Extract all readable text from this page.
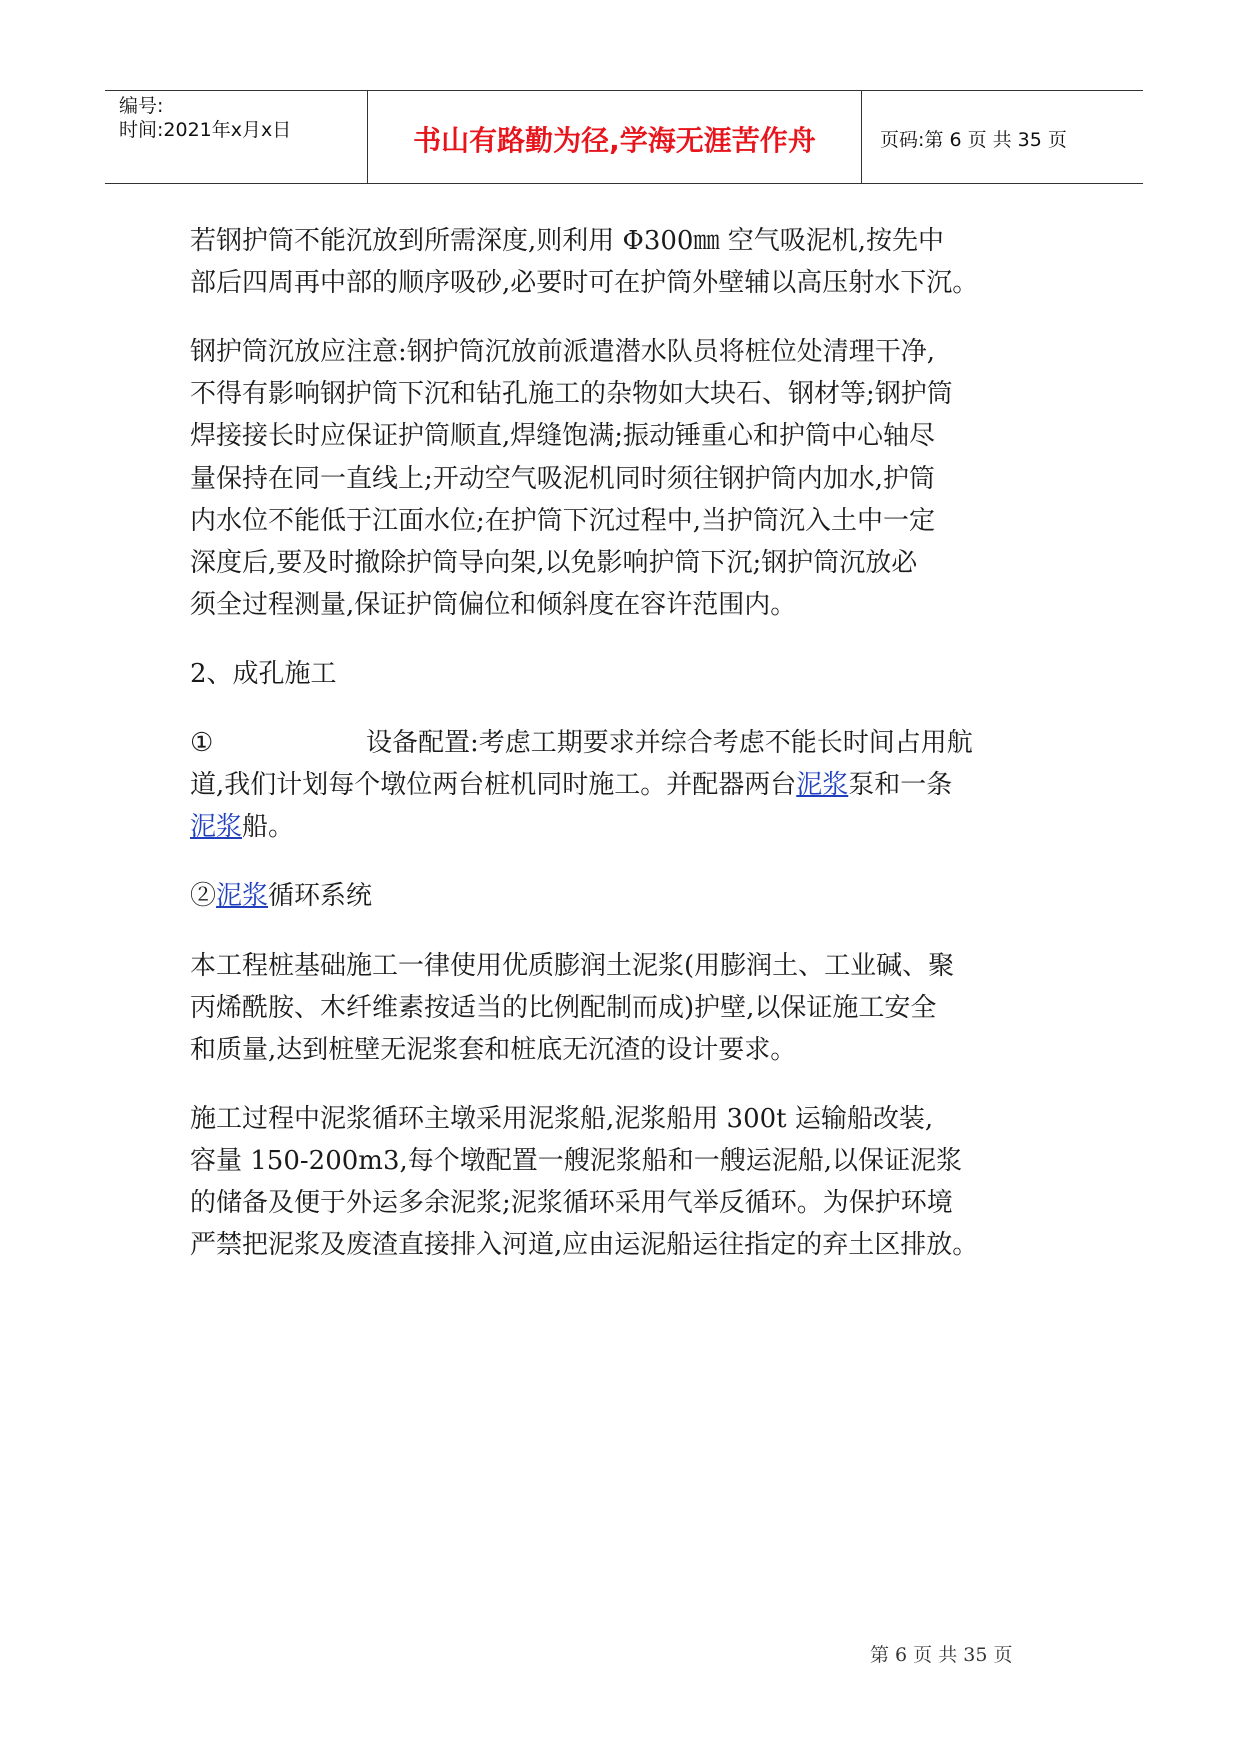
编号:
时间:2021年x月x日	书山有路勤为径,学海无涯苦作舟	页码:第 6 页 共 35 页

若钢护筒不能沉放到所需深度,则利用 Φ300㎜ 空气吸泥机,按先中
部后四周再中部的顺序吸砂,必要时可在护筒外壁辅以高压射水下沉。

钢护筒沉放应注意:钢护筒沉放前派遣潜水队员将桩位处清理干净,
不得有影响钢护筒下沉和钻孔施工的杂物如大块石、钢材等;钢护筒
焊接接长时应保证护筒顺直,焊缝饱满;振动锤重心和护筒中心轴尽
量保持在同一直线上;开动空气吸泥机同时须往钢护筒内加水,护筒
内水位不能低于江面水位;在护筒下沉过程中,当护筒沉入土中一定
深度后,要及时撤除护筒导向架,以免影响护筒下沉;钢护筒沉放必
须全过程测量,保证护筒偏位和倾斜度在容许范围内。

2、成孔施工

①	设备配置:考虑工期要求并综合考虑不能长时间占用航
道,我们计划每个墩位两台桩机同时施工。并配器两台泥浆泵和一条
泥浆船。

②泥浆循环系统

本工程桩基础施工一律使用优质膨润土泥浆(用膨润土、工业碱、聚
丙烯酰胺、木纤维素按适当的比例配制而成)护壁,以保证施工安全
和质量,达到桩壁无泥浆套和桩底无沉渣的设计要求。

施工过程中泥浆循环主墩采用泥浆船,泥浆船用 300t 运输船改装,
容量 150-200m3,每个墩配置一艘泥浆船和一艘运泥船,以保证泥浆
的储备及便于外运多余泥浆;泥浆循环采用气举反循环。为保护环境
严禁把泥浆及废渣直接排入河道,应由运泥船运往指定的弃土区排放。

第 6 页 共 35 页
